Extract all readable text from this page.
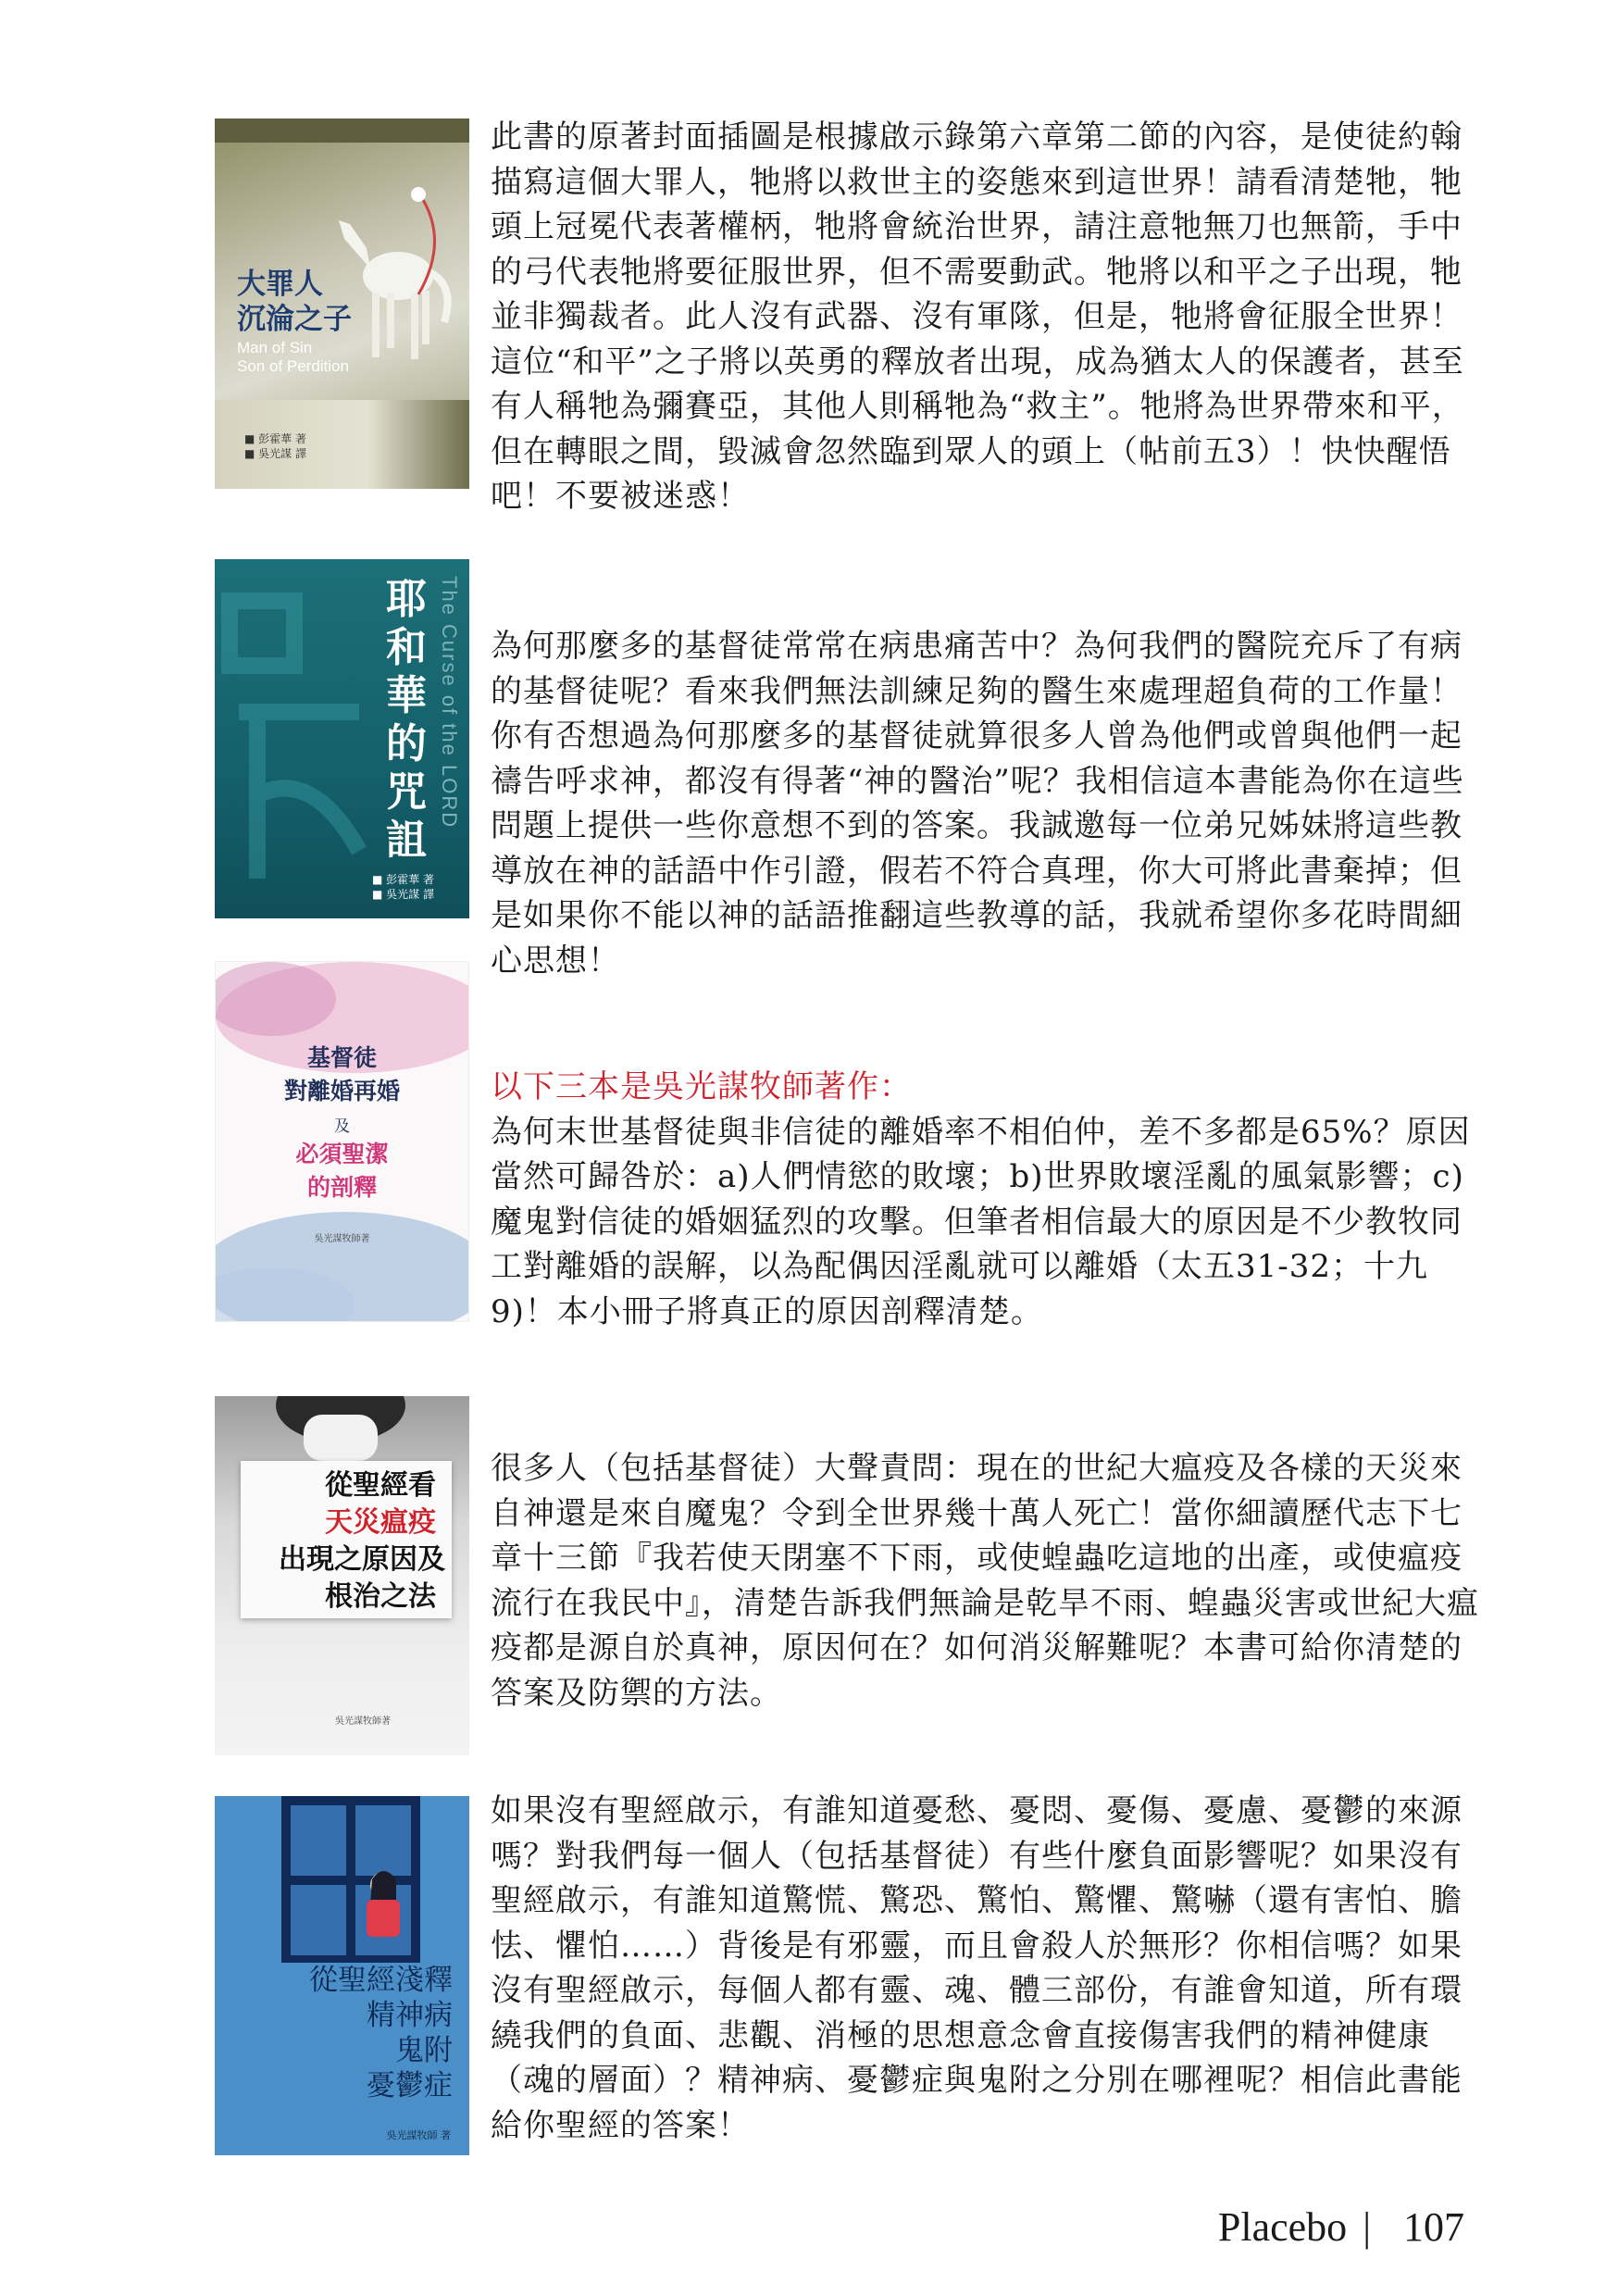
大罪人
沉淪之子
Man of Sin
Son of Perdition
■ 彭霍華 著
■ 吳光謀 譯

此書的原著封面插圖是根據啟示錄第六章第二節的內容，是使徒約翰描寫這個大罪人，牠將以救世主的姿態來到這世界！請看清楚牠，牠頭上冠冕代表著權柄，牠將會統治世界，請注意牠無刀也無箭，手中的弓代表牠將要征服世界，但不需要動武。牠將以和平之子出現，牠並非獨裁者。此人沒有武器、沒有軍隊，但是，牠將會征服全世界！這位“和平”之子將以英勇的釋放者出現，成為猶太人的保護者，甚至有人稱牠為彌賽亞，其他人則稱牠為“救主”。牠將為世界帶來和平，但在轉眼之間，毀滅會忽然臨到眾人的頭上（帖前五3）！快快醒悟吧！不要被迷惑！

耶和華的咒詛
The Curse of the LORD
■ 彭霍華 著
■ 吳光謀 譯

為何那麼多的基督徒常常在病患痛苦中？為何我們的醫院充斥了有病的基督徒呢？看來我們無法訓練足夠的醫生來處理超負荷的工作量！你有否想過為何那麼多的基督徒就算很多人曾為他們或曾與他們一起禱告呼求神，都沒有得著“神的醫治”呢？我相信這本書能為你在這些問題上提供一些你意想不到的答案。我誠邀每一位弟兄姊妹將這些教導放在神的話語中作引證，假若不符合真理，你大可將此書棄掉；但是如果你不能以神的話語推翻這些教導的話，我就希望你多花時間細心思想！

基督徒
對離婚再婚
及
必須聖潔
的剖釋
吳光謀牧師著

以下三本是吳光謀牧師著作：
為何末世基督徒與非信徒的離婚率不相伯仲，差不多都是65%？原因當然可歸咎於：a)人們情慾的敗壞；b)世界敗壞淫亂的風氣影響；c)魔鬼對信徒的婚姻猛烈的攻擊。但筆者相信最大的原因是不少教牧同工對離婚的誤解，以為配偶因淫亂就可以離婚（太五31-32；十九9)！本小冊子將真正的原因剖釋清楚。

從聖經看
天災瘟疫
出現之原因及
根治之法
吳光謀牧師著

很多人（包括基督徒）大聲責問：現在的世紀大瘟疫及各樣的天災來自神還是來自魔鬼？令到全世界幾十萬人死亡！當你細讀歷代志下七章十三節『我若使天閉塞不下雨，或使蝗蟲吃這地的出產，或使瘟疫流行在我民中』，清楚告訴我們無論是乾旱不雨、蝗蟲災害或世紀大瘟疫都是源自於真神，原因何在？如何消災解難呢？本書可給你清楚的答案及防禦的方法。

從聖經淺釋
精神病
鬼附
憂鬱症
吳光謀牧師 著

如果沒有聖經啟示，有誰知道憂愁、憂悶、憂傷、憂慮、憂鬱的來源嗎？對我們每一個人（包括基督徒）有些什麼負面影響呢？如果沒有聖經啟示，有誰知道驚慌、驚恐、驚怕、驚懼、驚嚇（還有害怕、膽怯、懼怕……）背後是有邪靈，而且會殺人於無形？你相信嗎？如果沒有聖經啟示，每個人都有靈、魂、體三部份，有誰會知道，所有環繞我們的負面、悲觀、消極的思想意念會直接傷害我們的精神健康（魂的層面）？精神病、憂鬱症與鬼附之分別在哪裡呢？相信此書能給你聖經的答案！

Placebo | 107
